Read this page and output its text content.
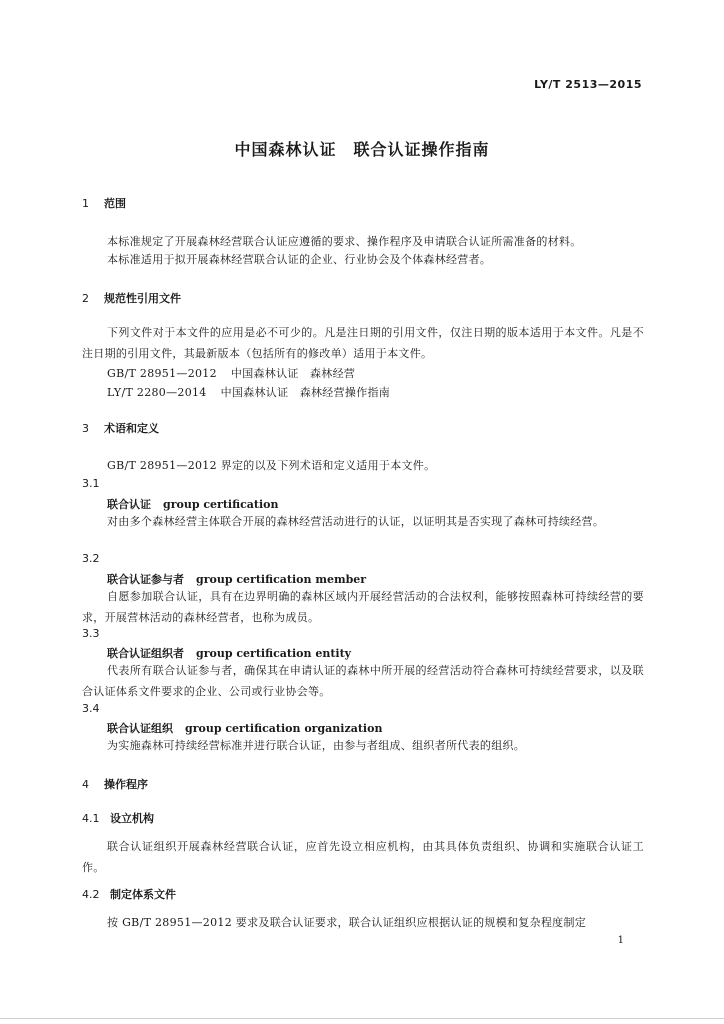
LY/T 2513—2015
中国森林认证　联合认证操作指南
1 范围
本标准规定了开展森林经营联合认证应遵循的要求、操作程序及申请联合认证所需准备的材料。
本标准适用于拟开展森林经营联合认证的企业、行业协会及个体森林经营者。
2 规范性引用文件
下列文件对于本文件的应用是必不可少的。凡是注日期的引用文件，仅注日期的版本适用于本文件。凡是不注日期的引用文件，其最新版本（包括所有的修改单）适用于本文件。
GB/T 28951—2012 中国森林认证　森林经营
LY/T 2280—2014 中国森林认证　森林经营操作指南
3 术语和定义
GB/T 28951—2012 界定的以及下列术语和定义适用于本文件。
3.1
联合认证 group certification
对由多个森林经营主体联合开展的森林经营活动进行的认证，以证明其是否实现了森林可持续经营。
3.2
联合认证参与者 group certification member
自愿参加联合认证，具有在边界明确的森林区域内开展经营活动的合法权利，能够按照森林可持续经营的要求，开展营林活动的森林经营者，也称为成员。
3.3
联合认证组织者 group certification entity
代表所有联合认证参与者，确保其在申请认证的森林中所开展的经营活动符合森林可持续经营要求，以及联合认证体系文件要求的企业、公司或行业协会等。
3.4
联合认证组织 group certification organization
为实施森林可持续经营标准并进行联合认证，由参与者组成、组织者所代表的组织。
4 操作程序
4.1 设立机构
联合认证组织开展森林经营联合认证，应首先设立相应机构，由其具体负责组织、协调和实施联合认证工作。
4.2 制定体系文件
按 GB/T 28951—2012 要求及联合认证要求，联合认证组织应根据认证的规模和复杂程度制定
1
